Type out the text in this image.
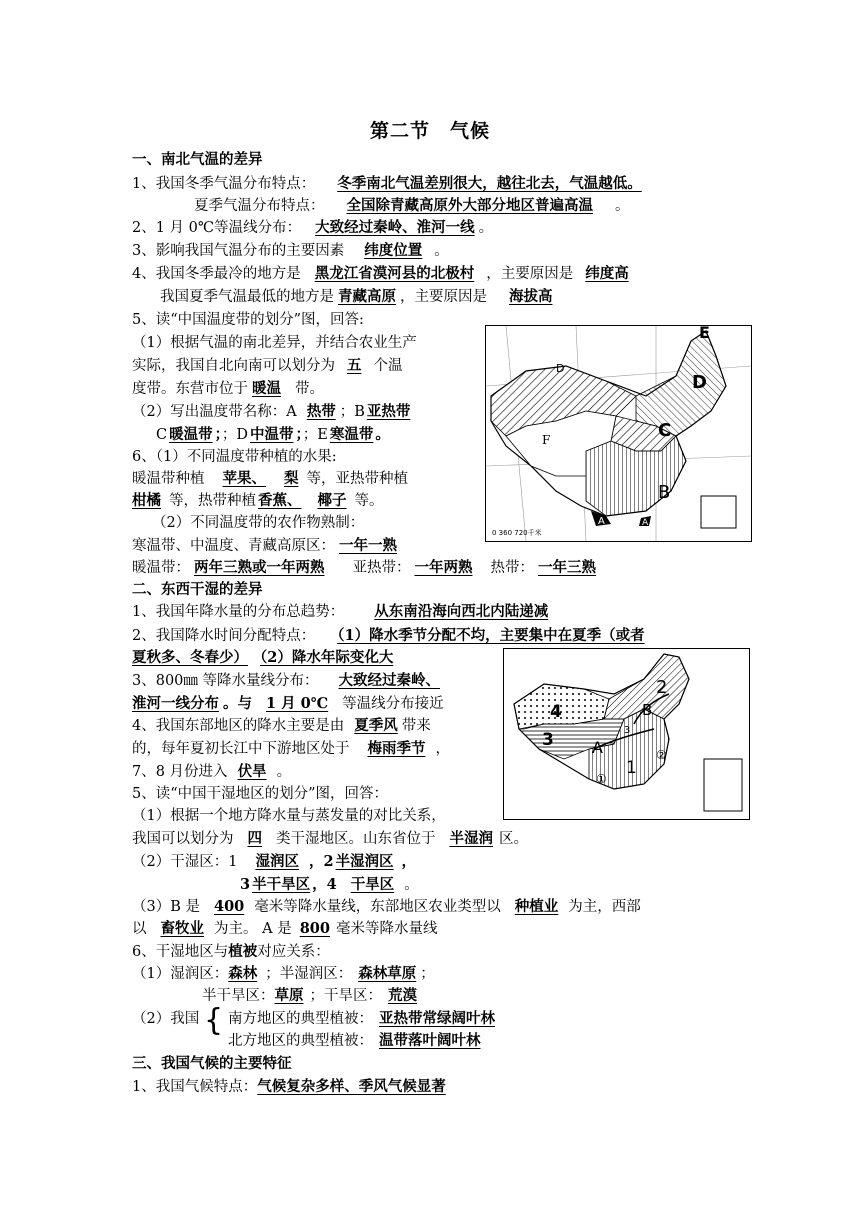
第二节 气候
一、南北气温的差异
1、我国冬季气温分布特点： 冬季南北气温差别很大，越往北去，气温越低。
夏季气温分布特点： 全国除青藏高原外大部分地区普遍高温 。
2、1 月 0℃等温线分布： 大致经过秦岭、淮河一线 。
3、影响我国气温分布的主要因素 纬度位置 。
4、我国冬季最冷的地方是 黑龙江省漠河县的北极村 ，主要原因是 纬度高
我国夏季气温最低的地方是 青藏高原 ，主要原因是 海拔高
5、读“中国温度带的划分”图，回答:
（1）根据气温的南北差异，并结合农业生产
实际，我国自北向南可以划分为 五 个温
度带。东营市位于 暖温 带。
（2）写出温度带名称：A 热带 ；B 亚热带
C 暖温带 ；；D 中温带 ；；E 寒温带 。
6、（1）不同温度带种植的水果:
暖温带种植 苹果、 梨 等，亚热带种植
柑橘 等，热带种植 香蕉、 椰子 等。
（2）不同温度带的农作物熟制：
寒温带、中温度、青藏高原区： 一年一熟
暖温带： 两年三熟或一年两熟 亚热带： 一年两熟 热带： 一年三熟
E
D
D
C
F
B
A	A
0 360 720千米
二、东西干湿的差异
1、我国年降水量的分布总趋势： 从东南沿海向西北内陆递减
2、我国降水时间分配特点： （1）降水季节分配不均，主要集中在夏季（或者
夏秋多、冬春少） （2）降水年际变化大
3、800㎜ 等降水量线分布： 大致经过秦岭、
淮河一线分布 。与 1 月 0℃ 等温线分布接近
4、我国东部地区的降水主要是由 夏季风 带来
的，每年夏初长江中下游地区处于 梅雨季节 ，
7、8 月份进入 伏旱 。
5、读“中国干湿地区的划分”图，回答：
（1）根据一个地方降水量与蒸发量的对比关系，
我国可以划分为 四 类干湿地区。山东省位于 半湿润 区。
（2）干湿区：1 湿润区 ，2 半湿润区 ，
3 半干旱区 ，4 干旱区 。
（3）B 是 400 毫米等降水量线，东部地区农业类型以 种植业 为主，西部
以 畜牧业 为主。 A 是 800 毫米等降水量线
6、干湿地区与植被对应关系：
（1）湿润区：森林 ；半湿润区： 森林草原 ；
半干旱区：草原 ；干旱区： 荒漠
（2）我国 { 南方地区的典型植被： 亚热带常绿阔叶林
北方地区的典型植被： 温带落叶阔叶林
2
4
3 A
B
1
①
②
3
三、我国气候的主要特征
1、我国气候特点：气候复杂多样、季风气候显著
